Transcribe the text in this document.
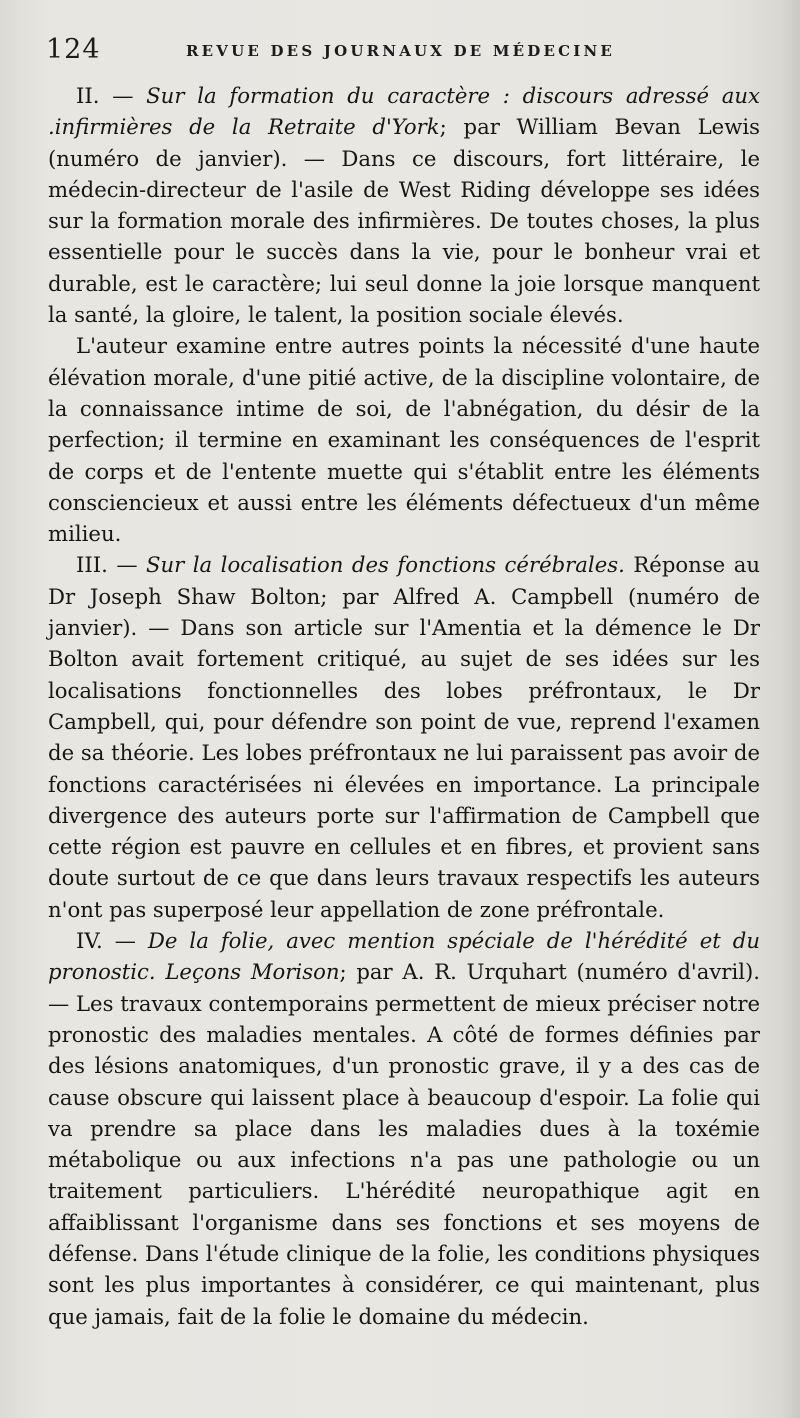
124	REVUE DES JOURNAUX DE MÉDECINE

II. — Sur la formation du caractère : discours adressé aux .infirmières de la Retraite d'York; par William Bevan Lewis (numéro de janvier). — Dans ce discours, fort littéraire, le médecin-directeur de l'asile de West Riding développe ses idées sur la formation morale des infirmières. De toutes choses, la plus essentielle pour le succès dans la vie, pour le bonheur vrai et durable, est le caractère; lui seul donne la joie lorsque manquent la santé, la gloire, le talent, la position sociale élevés.

L'auteur examine entre autres points la nécessité d'une haute élévation morale, d'une pitié active, de la discipline volontaire, de la connaissance intime de soi, de l'abnégation, du désir de la perfection; il termine en examinant les conséquences de l'esprit de corps et de l'entente muette qui s'établit entre les éléments consciencieux et aussi entre les éléments défectueux d'un même milieu.

III. — Sur la localisation des fonctions cérébrales. Réponse au Dr Joseph Shaw Bolton; par Alfred A. Campbell (numéro de janvier). — Dans son article sur l'Amentia et la démence le Dr Bolton avait fortement critiqué, au sujet de ses idées sur les localisations fonctionnelles des lobes préfrontaux, le Dr Campbell, qui, pour défendre son point de vue, reprend l'examen de sa théorie. Les lobes préfrontaux ne lui paraissent pas avoir de fonctions caractérisées ni élevées en importance. La principale divergence des auteurs porte sur l'affirmation de Campbell que cette région est pauvre en cellules et en fibres, et provient sans doute surtout de ce que dans leurs travaux respectifs les auteurs n'ont pas superposé leur appellation de zone préfrontale.

IV. — De la folie, avec mention spéciale de l'hérédité et du pronostic. Leçons Morison; par A. R. Urquhart (numéro d'avril). — Les travaux contemporains permettent de mieux préciser notre pronostic des maladies mentales. A côté de formes définies par des lésions anatomiques, d'un pronostic grave, il y a des cas de cause obscure qui laissent place à beaucoup d'espoir. La folie qui va prendre sa place dans les maladies dues à la toxémie métabolique ou aux infections n'a pas une pathologie ou un traitement particuliers. L'hérédité neuropathique agit en affaiblissant l'organisme dans ses fonctions et ses moyens de défense. Dans l'étude clinique de la folie, les conditions physiques sont les plus importantes à considérer, ce qui maintenant, plus que jamais, fait de la folie le domaine du médecin.
